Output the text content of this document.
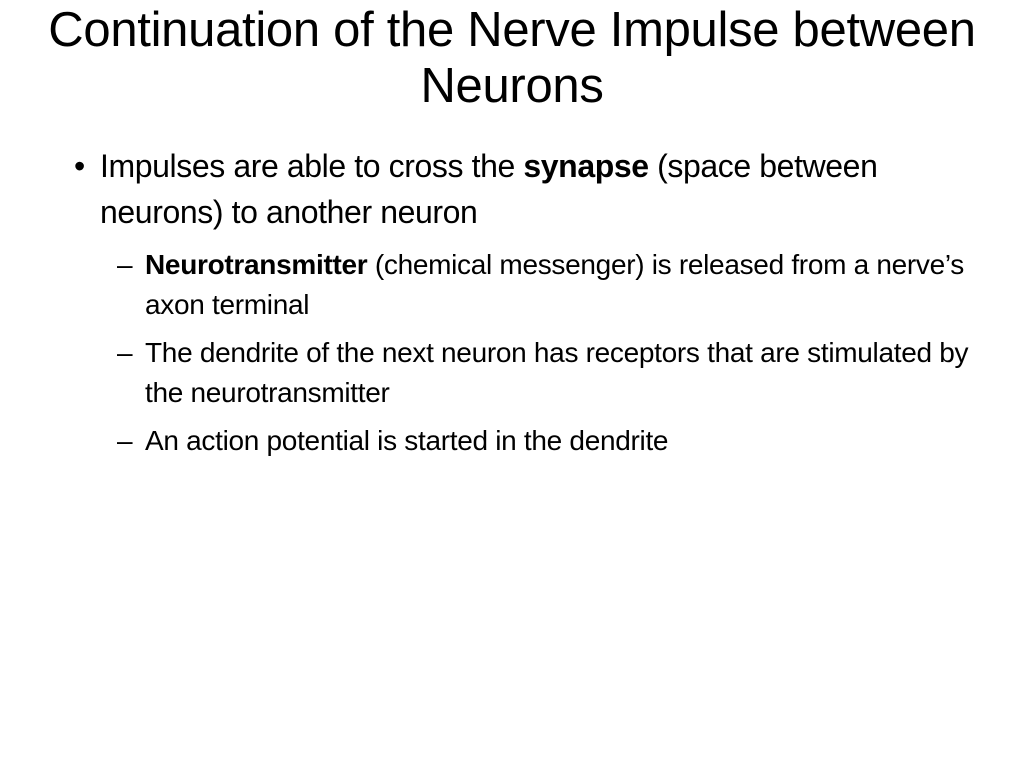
Continuation of the Nerve Impulse between Neurons
• Impulses are able to cross the synapse (space between neurons) to another neuron
– Neurotransmitter (chemical messenger) is released from a nerve’s axon terminal
– The dendrite of the next neuron has receptors that are stimulated by the neurotransmitter
– An action potential is started in the dendrite
